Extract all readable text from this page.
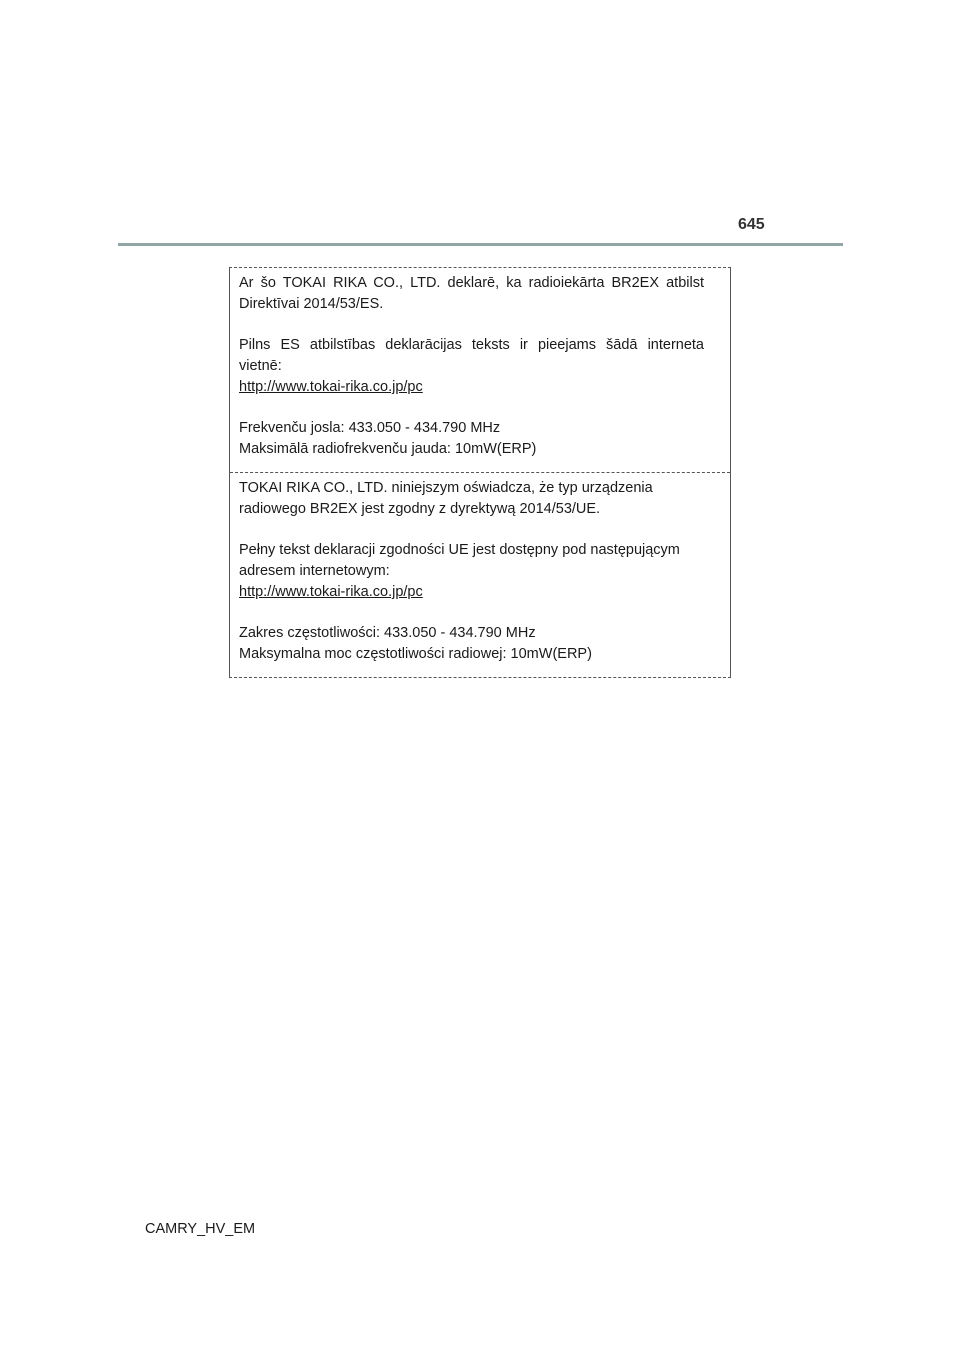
645

Ar šo TOKAI RIKA CO., LTD. deklarē, ka radioiekārta BR2EX atbilst
Direktīvai 2014/53/ES.

Pilns ES atbilstības deklarācijas teksts ir pieejams šādā interneta
vietnē:
http://www.tokai-rika.co.jp/pc

Frekvenču josla: 433.050 - 434.790 MHz
Maksimālā radiofrekvenču jauda: 10mW(ERP)

TOKAI RIKA CO., LTD. niniejszym oświadcza, że typ urządzenia
radiowego BR2EX jest zgodny z dyrektywą 2014/53/UE.

Pełny tekst deklaracji zgodności UE jest dostępny pod następującym
adresem internetowym:
http://www.tokai-rika.co.jp/pc

Zakres częstotliwości: 433.050 - 434.790 MHz
Maksymalna moc częstotliwości radiowej: 10mW(ERP)

CAMRY_HV_EM
